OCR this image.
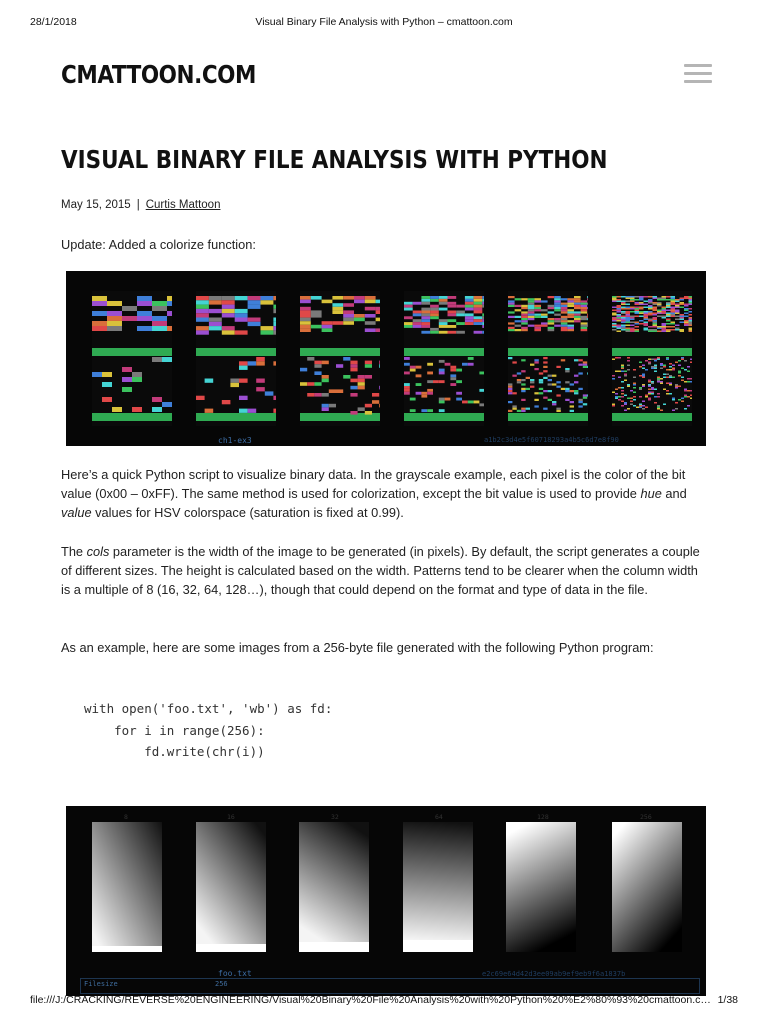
28/1/2018	Visual Binary File Analysis with Python – cmattoon.com
CMATTOON.COM
VISUAL BINARY FILE ANALYSIS WITH PYTHON
May 15, 2015 | Curtis Mattoon

Update: Added a colorize function:

ch1-ex3	a1b2c3d4e5f60718293a4b5c6d7e8f90

Here’s a quick Python script to visualize binary data. In the grayscale example, each pixel is the color of the bit value (0x00 – 0xFF). The same method is used for colorization, except the bit value is used to provide hue and value values for HSV colorspace (saturation is fixed at 0.99).

The cols parameter is the width of the image to be generated (in pixels). By default, the script generates a couple of different sizes. The height is calculated based on the width. Patterns tend to be clearer when the column width is a multiple of 8 (16, 32, 64, 128…), though that could depend on the format and type of data in the file.

As an example, here are some images from a 256-byte file generated with the following Python program:

with open('foo.txt', 'wb') as fd:
for i in range(256):
fd.write(chr(i))
8	16	32	64	128	256
foo.txt	e2c69e64d42d3ee09ab9ef9eb9f6a1837b
Filesize	256
file:///J:/CRACKING/REVERSE%20ENGINEERING/Visual%20Binary%20File%20Analysis%20with%20Python%20%E2%80%93%20cmattoon.c… 1/38
